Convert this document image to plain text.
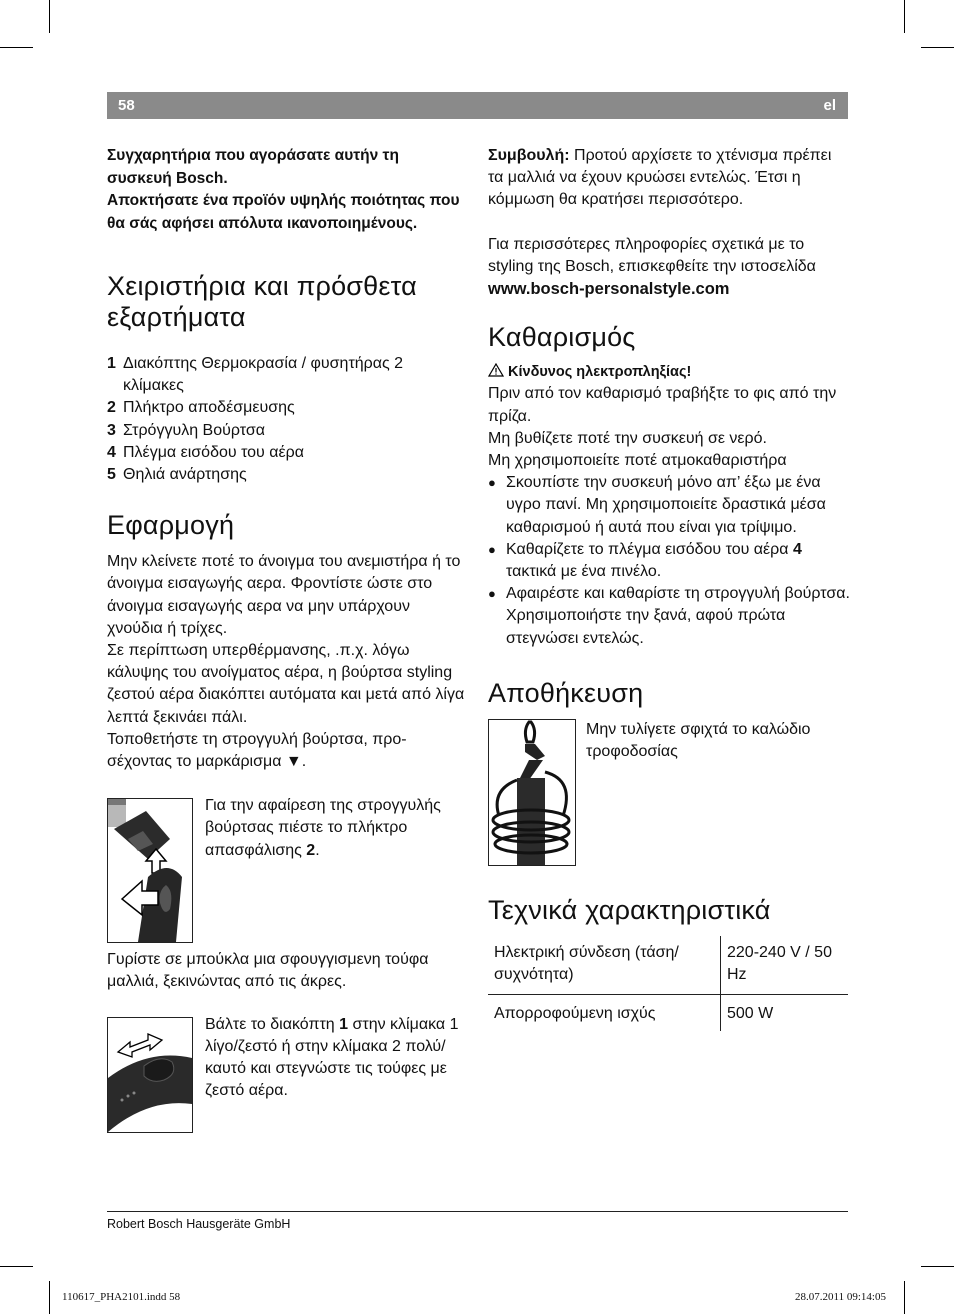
58	el

Συγχαρητήρια που αγοράσατε αυτήν τη συσκευή Bosch.

Αποκτήσατε ένα προϊόν υψηλής ποιότητας που θα σάς αφήσει απόλυτα ικανοποιημένους.

Χειριστήρια και πρόσθετα εξαρτήματα
1 Διακόπτης Θερμοκρασία / φυσητήρας 2 κλίμακες
2 Πλήκτρο αποδέσμευσης
3 Στρόγγυλη Βούρτσα
4 Πλέγμα εισόδου του αέρα
5 Θηλιά ανάρτησης
Εφαρμογή

Μην κλείνετε ποτέ το άνοιγμα του ανεμιστήρα ή το άνοιγμα εισαγωγής αερα. Φροντίστε ώστε στο άνοιγμα εισαγωγής αερα να μην υπάρχουν χνούδια ή τρίχες.

Σε περίπτωση υπερθέρμανσης, .π.χ. λόγω κάλυψης του ανοίγματος αέρα, η βούρτσα styling ζεστού αέρα διακόπτει αυτόματα και μετά από λίγα λεπτά ξεκινάει πάλι.

Τοποθετήστε τη στρογγυλή βούρτσα, προσέχοντας το μαρκάρισμα ▼.

Για την αφαίρεση της στρογγυλής βούρτσας πιέστε το πλήκτρο απασφάλισης 2.

Γυρίστε σε μπούκλα μια σφουγγισμενη τούφα μαλλιά, ξεκινώντας από τις άκρες.

Βάλτε το διακόπτη 1 στην κλίμακα 1 λίγο/ζεστό ή στην κλίμακα 2 πολύ/καυτό και στεγνώστε τις τούφες με ζεστό αέρα.

Συμβουλή: Προτού αρχίσετε το χτένισμα πρέπει τα μαλλιά να έχουν κρυώσει εντελώς. Έτσι η κόμμωση θα κρατήσει περισσότερο.

Για περισσότερες πληροφορίες σχετικά με το styling της Bosch, επισκεφθείτε την ιστοσελίδα

www.bosch-personalstyle.com

Καθαρισμός

Κίνδυνος ηλεκτροπληξίας!

Πριν από τον καθαρισμό τραβήξτε το φις από την πρίζα.

Μη βυθίζετε ποτέ την συσκευή σε νερό.

Μη χρησιμοποιείτε ποτέ ατμοκαθαριστήρα

● Σκουπίστε την συσκευή μόνο απ’ έξω με ένα υγρο πανί. Μη χρησιμοποιείτε δραστικά μέσα καθαρισμού ή αυτά που είναι για τρίψιμο.
● Καθαρίζετε το πλέγμα εισόδου του αέρα 4 τακτικά με ένα πινέλο.
● Αφαιρέστε και καθαρίστε τη στρογγυλή βούρτσα. Χρησιμοποιήστε την ξανά, αφού πρώτα στεγνώσει εντελώς.
Αποθήκευση

Μην τυλίγετε σφιχτά το καλώδιο τροφοδοσίας

Τεχνικά χαρακτηριστικά
Ηλεκτρική σύνδεση (τάση/συχνότητα)	220-240 V / 50 Hz
Απορροφούμενη ισχύς	500 W
Robert Bosch Hausgeräte GmbH
110617_PHA2101.indd 58	28.07.2011 09:14:05
